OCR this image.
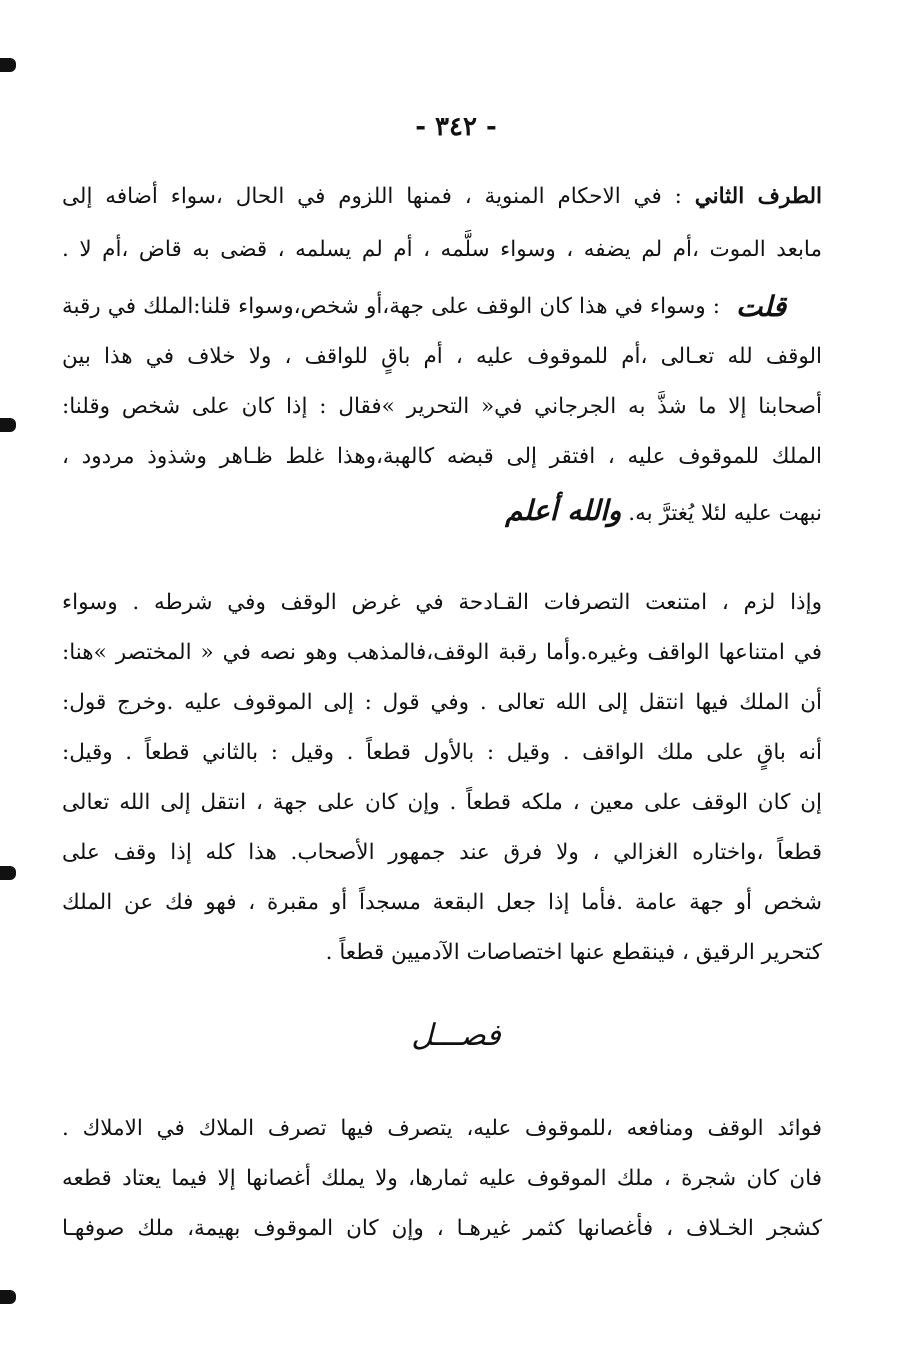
- ٣٤٢ -
الطرف الثاني : في الاحكام المنوية ، فمنها اللزوم في الحال ،سواء أضافه إلى
مابعد الموت ،أم لم يضفه ، وسواء سلَّمه ، أم لم يسلمه ، قضى به قاض ،أم لا .
قلت
: وسواء في هذا كان الوقف على جهة،أو شخص،وسواء قلنا:الملك في رقبة
الوقف لله تعـالى ،أم للموقوف عليه ، أم باقٍ للواقف ، ولا خلاف في هذا بين
أصحابنا إلا ما شذَّ به الجرجاني في« التحرير »فقال : إذا كان على شخص وقلنا:
الملك للموقوف عليه ، افتقر إلى قبضه كالهبة،وهذا غلط ظـاهر وشذوذ مردود ،
نبهت عليه لئلا يُغترَّ به. والله أعلم
وإذا لزم ، امتنعت التصرفات القـادحة في غرض الوقف وفي شرطه . وسواء
في امتناعها الواقف وغيره.وأما رقبة الوقف،فالمذهب وهو نصه في « المختصر »هنا:
أن الملك فيها انتقل إلى الله تعالى . وفي قول : إلى الموقوف عليه .وخرج قول:
أنه باقٍ على ملك الواقف . وقيل : بالأول قطعاً . وقيل : بالثاني قطعاً . وقيل:
إن كان الوقف على معين ، ملكه قطعاً . وإن كان على جهة ، انتقل إلى الله تعالى
قطعاً ،واختاره الغزالي ، ولا فرق عند جمهور الأصحاب. هذا كله إذا وقف على
شخص أو جهة عامة .فأما إذا جعل البقعة مسجداً أو مقبرة ، فهو فك عن الملك
كتحرير الرقيق ، فينقطع عنها اختصاصات الآدميين قطعاً .
فصـــل
فوائد الوقف ومنافعه ،للموقوف عليه، يتصرف فيها تصرف الملاك في الاملاك .
فان كان شجرة ، ملك الموقوف عليه ثمارها، ولا يملك أغصانها إلا فيما يعتاد قطعه
كشجر الخـلاف ، فأغصانها كثمر غيرهـا ، وإن كان الموقوف بهيمة، ملك صوفهـا
